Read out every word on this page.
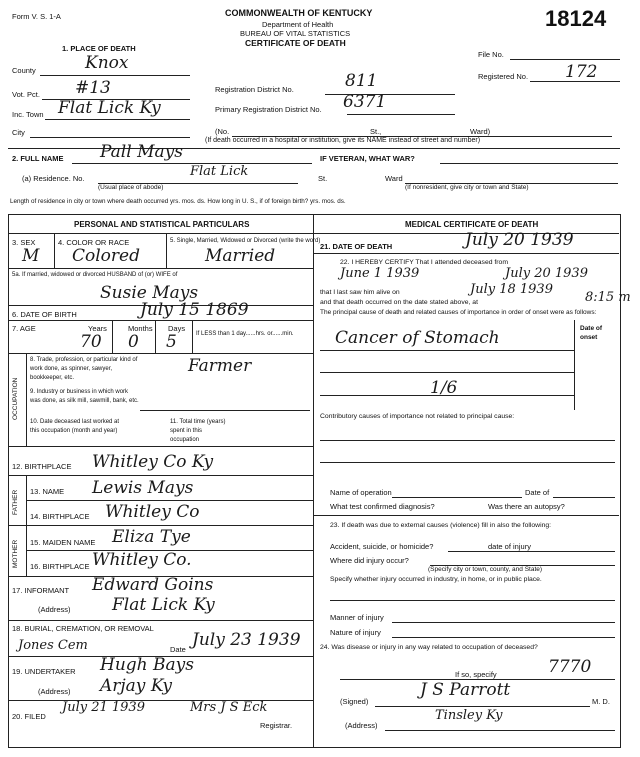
Form V. S. 1-A	COMMONWEALTH OF KENTUCKY
Department of Health
BUREAU OF VITAL STATISTICS
CERTIFICATE OF DEATH
18124
File No.
Registered No. 172
1. PLACE OF DEATH
County	Knox
Vot. Pct. #13
Inc. Town Flat Lick Ky
City
Registration District No.	811
Primary Registration District No. 6371
(No.	St.,	Ward)
(If death occurred in a hospital or institution, give its NAME instead of street and number)
2. FULL NAME Pall Mays	IF VETERAN, WHAT WAR?
(a) Residence. No.	Flat Lick
(Usual place of abode)
St.	Ward
(If nonresident, give city or town and State)
Length of residence in city or town where death occurred yrs. mos. ds. How long in U. S., if of foreign birth? yrs. mos. ds.
PERSONAL AND STATISTICAL PARTICULARS	MEDICAL CERTIFICATE OF DEATH
3. SEX
M
4. COLOR OR RACE
Colored
5. Single, Married, Widowed or Divorced (write the word)
Married
5a. If married, widowed or divorced HUSBAND of (or) WIFE of
Susie Mays
6. DATE OF BIRTH	July 15 1869
7. AGE	Years	Months Days
70 0 5	If LESS than 1 day......hrs. or......min.
OCCUPATION
8. Trade, profession, or particular kind of work done, as spinner, sawyer, bookkeeper, etc.
Farmer
9. Industry or business in which work was done, as silk mill, sawmill, bank, etc.
10. Date deceased last worked at this occupation (month and year)
11. Total time (years) spent in this occupation
12. BIRTHPLACE Whitley Co Ky
FATHER 13. NAME Lewis Mays
14. BIRTHPLACE Whitley Co
MOTHER 15. MAIDEN NAME Eliza Tye
16. BIRTHPLACE Whitley Co.
17. INFORMANT Edward Goins
(Address) Flat Lick Ky
18. BURIAL, CREMATION, OR REMOVAL
Jones Cem	Date July 23 1939
19. UNDERTAKER Hugh Bays
(Address) Arjay Ky
20. FILED
July 21 1939	Mrs J S Eck
Registrar.
21. DATE OF DEATH	July 20 1939
22. I HEREBY CERTIFY That I attended deceased from
June 1 1939	July 20 1939
that I last saw him alive on	July 18 1939
and that death occurred on the date stated above, at	8:15 m
The principal cause of death and related causes of importance in order of onset were as follows:
Date of onset
Cancer of Stomach
1/6
Contributory causes of importance not related to principal cause:
Name of operation	Date of
What test confirmed diagnosis?	Was there an autopsy?
23. If death was due to external causes (violence) fill in also the following:
Accident, suicide, or homicide?	date of injury
Where did injury occur?
(Specify city or town, county, and State)
Specify whether injury occurred in industry, in home, or in public place.
Manner of injury
Nature of injury
24. Was disease or injury in any way related to occupation of deceased?
If so, specify	7770
(Signed)
J S Parrott
M. D.
(Address)
Tinsley Ky
